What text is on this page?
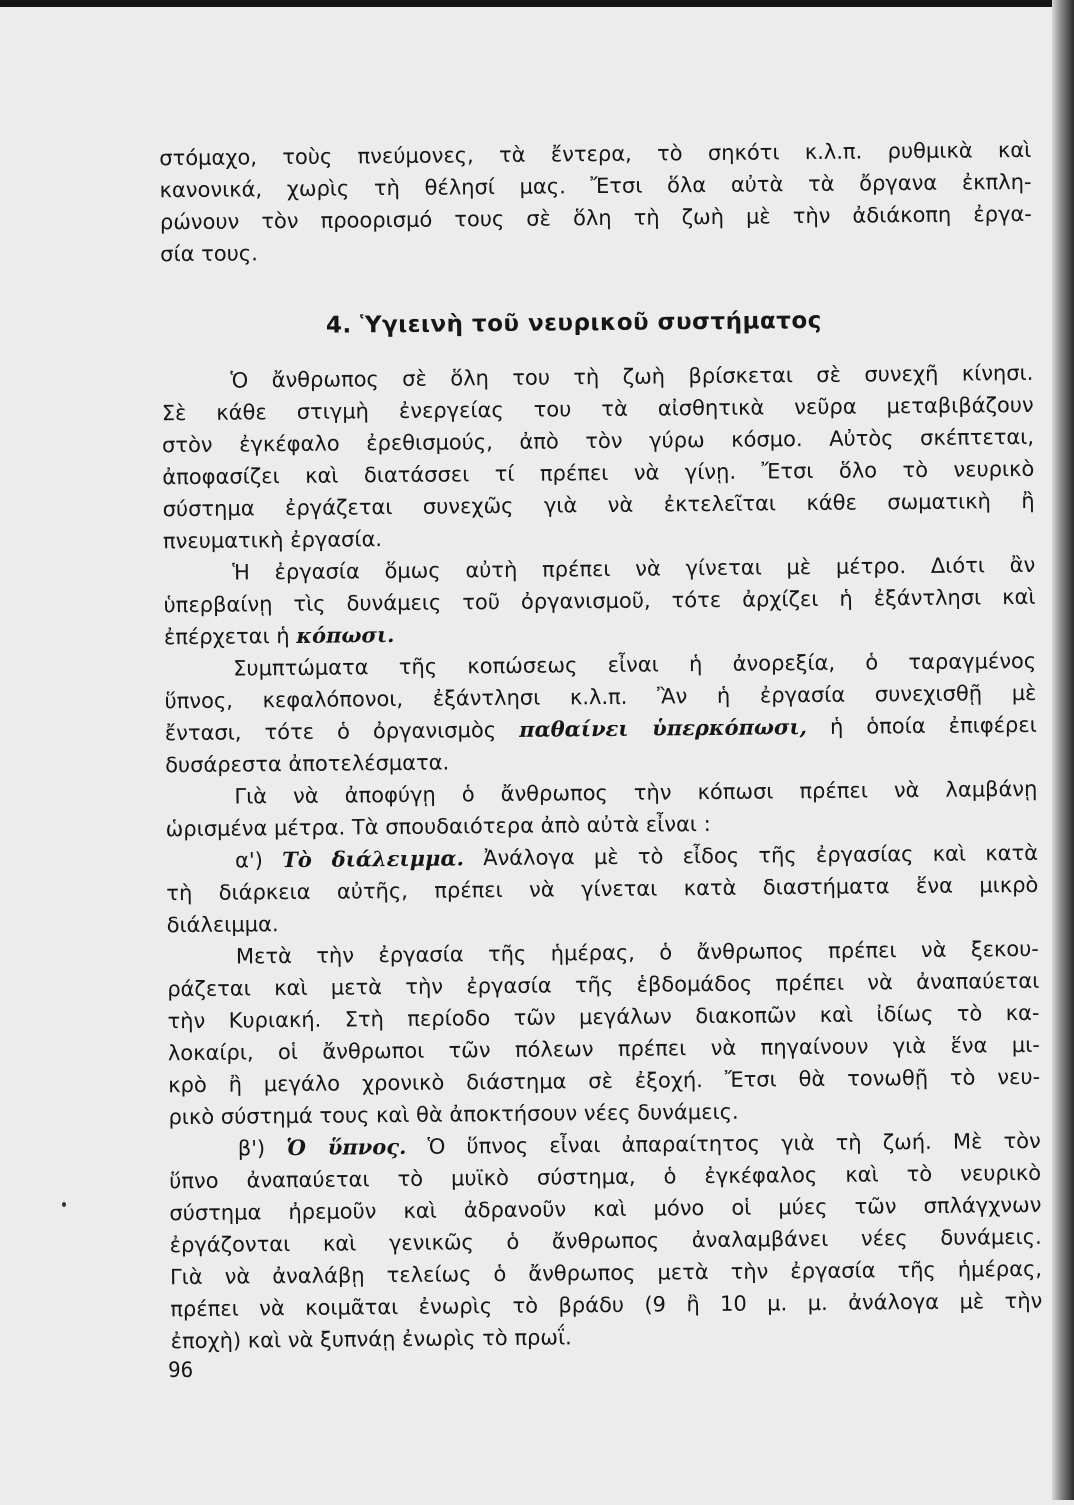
στόμαχο, τοὺς πνεύμονες, τὰ ἔντερα, τὸ σηκότι κ.λ.π. ρυθμικὰ καὶ
κανονικά, χωρὶς τὴ θέλησί μας. Ἔτσι ὅλα αὐτὰ τὰ ὄργανα ἐκπλη-
ρώνουν τὸν προορισμό τους σὲ ὅλη τὴ ζωὴ μὲ τὴν ἀδιάκοπη ἐργα-
σία τους.
4. Ὑγιεινὴ τοῦ νευρικοῦ συστήματος
Ὁ ἄνθρωπος σὲ ὅλη του τὴ ζωὴ βρίσκεται σὲ συνεχῆ κίνησι.
Σὲ κάθε στιγμὴ ἐνεργείας του τὰ αἰσθητικὰ νεῦρα μεταβιβάζουν
στὸν ἐγκέφαλο ἐρεθισμούς, ἀπὸ τὸν γύρω κόσμο. Αὐτὸς σκέπτεται,
ἀποφασίζει καὶ διατάσσει τί πρέπει νὰ γίνῃ. Ἔτσι ὅλο τὸ νευρικὸ
σύστημα ἐργάζεται συνεχῶς γιὰ νὰ ἐκτελεῖται κάθε σωματικὴ ἢ
πνευματικὴ ἐργασία.
Ἡ ἐργασία ὅμως αὐτὴ πρέπει νὰ γίνεται μὲ μέτρο. Διότι ἂν
ὑπερβαίνῃ τὶς δυνάμεις τοῦ ὀργανισμοῦ, τότε ἀρχίζει ἡ ἐξάντλησι καὶ
ἐπέρχεται ἡ κόπωσι.
Συμπτώματα τῆς κοπώσεως εἶναι ἡ ἀνορεξία, ὁ ταραγμένος
ὕπνος, κεφαλόπονοι, ἐξάντλησι κ.λ.π. Ἂν ἡ ἐργασία συνεχισθῇ μὲ
ἔντασι, τότε ὁ ὀργανισμὸς παθαίνει ὑπερκόπωσι, ἡ ὁποία ἐπιφέρει
δυσάρεστα ἀποτελέσματα.
Γιὰ νὰ ἀποφύγῃ ὁ ἄνθρωπος τὴν κόπωσι πρέπει νὰ λαμβάνῃ
ὡρισμένα μέτρα. Τὰ σπουδαιότερα ἀπὸ αὐτὰ εἶναι :
α') Τὸ διάλειμμα. Ἀνάλογα μὲ τὸ εἶδος τῆς ἐργασίας καὶ κατὰ
τὴ διάρκεια αὐτῆς, πρέπει νὰ γίνεται κατὰ διαστήματα ἕνα μικρὸ
διάλειμμα.
Μετὰ τὴν ἐργασία τῆς ἡμέρας, ὁ ἄνθρωπος πρέπει νὰ ξεκου-
ράζεται καὶ μετὰ τὴν ἐργασία τῆς ἑβδομάδος πρέπει νὰ ἀναπαύεται
τὴν Κυριακή. Στὴ περίοδο τῶν μεγάλων διακοπῶν καὶ ἰδίως τὸ κα-
λοκαίρι, οἱ ἄνθρωποι τῶν πόλεων πρέπει νὰ πηγαίνουν γιὰ ἕνα μι-
κρὸ ἢ μεγάλο χρονικὸ διάστημα σὲ ἐξοχή. Ἔτσι θὰ τονωθῇ τὸ νευ-
ρικὸ σύστημά τους καὶ θὰ ἀποκτήσουν νέες δυνάμεις.
β') Ὁ ὕπνος. Ὁ ὕπνος εἶναι ἀπαραίτητος γιὰ τὴ ζωή. Μὲ τὸν
ὕπνο ἀναπαύεται τὸ μυϊκὸ σύστημα, ὁ ἐγκέφαλος καὶ τὸ νευρικὸ
σύστημα ἠρεμοῦν καὶ ἀδρανοῦν καὶ μόνο οἱ μύες τῶν σπλάγχνων
ἐργάζονται καὶ γενικῶς ὁ ἄνθρωπος ἀναλαμβάνει νέες δυνάμεις.
Γιὰ νὰ ἀναλάβῃ τελείως ὁ ἄνθρωπος μετὰ τὴν ἐργασία τῆς ἡμέρας,
πρέπει νὰ κοιμᾶται ἐνωρὶς τὸ βράδυ (9 ἢ 10 μ. μ. ἀνάλογα μὲ τὴν
ἐποχὴ) καὶ νὰ ξυπνάῃ ἐνωρὶς τὸ πρωΐ.
96
